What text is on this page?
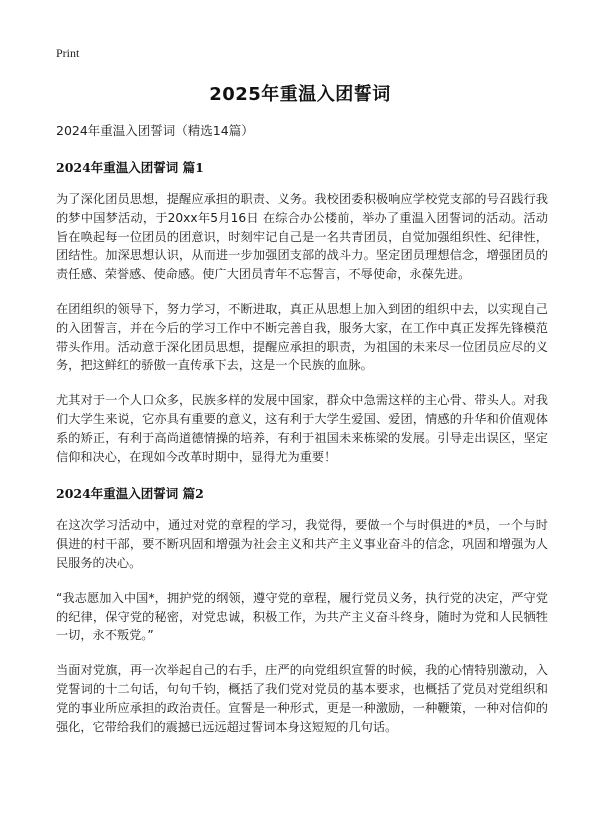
Print
2025年重温入团誓词
2024年重温入团誓词（精选14篇）
2024年重温入团誓词 篇1

为了深化团员思想，提醒应承担的职责、义务。我校团委积极响应学校党支部的号召践行我的梦中国梦活动，于20xx年5月16日 在综合办公楼前，举办了重温入团誓词的活动。活动旨在唤起每一位团员的团意识，时刻牢记自己是一名共青团员，自觉加强组织性、纪律性，团结性。加深思想认识，从而进一步加强团支部的战斗力。坚定团员理想信念，增强团员的责任感、荣誉感、使命感。使广大团员青年不忘誓言，不辱使命，永葆先进。

在团组织的领导下，努力学习，不断进取，真正从思想上加入到团的组织中去，以实现自己的入团誓言，并在今后的学习工作中不断完善自我，服务大家，在工作中真正发挥先锋模范带头作用。活动意于深化团员思想，提醒应承担的职责，为祖国的未来尽一位团员应尽的义务，把这鲜红的骄傲一直传承下去，这是一个民族的血脉。

尤其对于一个人口众多，民族多样的发展中国家，群众中急需这样的主心骨、带头人。对我们大学生来说，它亦具有重要的意义，这有利于大学生爱国、爱团，情感的升华和价值观体系的矫正，有利于高尚道德情操的培养，有利于祖国未来栋梁的发展。引导走出误区，坚定信仰和决心，在现如今改革时期中，显得尤为重要！

2024年重温入团誓词 篇2

在这次学习活动中，通过对党的章程的学习，我觉得，要做一个与时俱进的*员，一个与时俱进的村干部，要不断巩固和增强为社会主义和共产主义事业奋斗的信念，巩固和增强为人民服务的决心。

“我志愿加入中国*，拥护党的纲领，遵守党的章程，履行党员义务，执行党的决定，严守党的纪律，保守党的秘密，对党忠诚，积极工作，为共产主义奋斗终身，随时为党和人民牺牲一切，永不叛党。”

当面对党旗，再一次举起自己的右手，庄严的向党组织宣誓的时候，我的心情特别激动，入党誓词的十二句话，句句千钧，概括了我们党对党员的基本要求，也概括了党员对党组织和党的事业所应承担的政治责任。宣誓是一种形式，更是一种激励，一种鞭策，一种对信仰的强化，它带给我们的震撼已远远超过誓词本身这短短的几句话。
